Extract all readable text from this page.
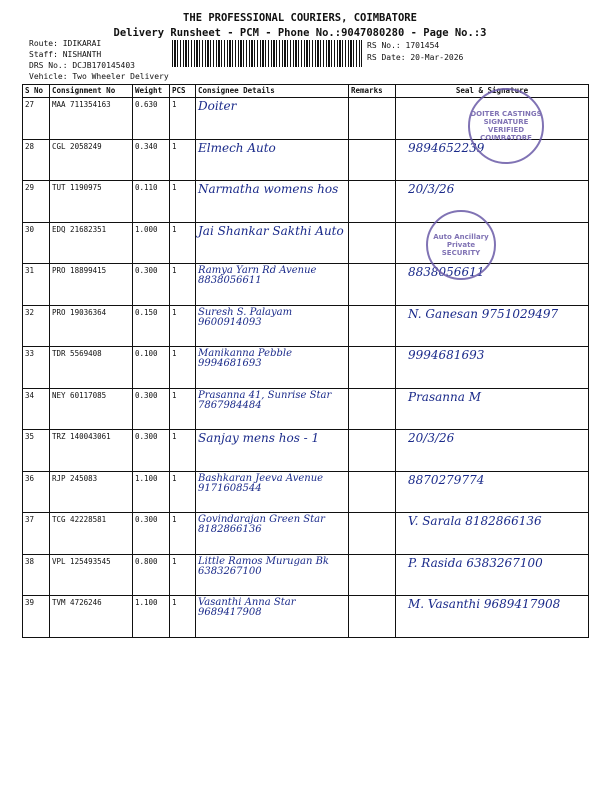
THE PROFESSIONAL COURIERS, COIMBATORE
Delivery Runsheet - PCM - Phone No.:9047080280 - Page No.:3
Route: IDIKARAI
Staff: NISHANTH
DRS No.: DCJB170145403
Vehicle: Two Wheeler Delivery
RS No.: 1701454
RS Date: 20-Mar-2026
S No	Consignment No	Weight	PCS	Consignee Details	Remarks	Seal & Signature
27	MAA 711354163	0.630	1	Doiter		

28	CGL 2058249	0.340	1	Elmech Auto		9894652239

29	TUT 1190975	0.110	1	Narmatha womens hos		20/3/26

30	EDQ 21682351	1.000	1	Jai Shankar Sakthi Auto		

31	PRO 18899415	0.300	1	Ramya Yarn Rd Avenue 8838056611		8838056611

32	PRO 19036364	0.150	1	Suresh S. Palayam 9600914093		N. Ganesan 9751029497

33	TDR 5569408	0.100	1	Manikanna Pebble 9994681693		9994681693

34	NEY 60117085	0.300	1	Prasanna 41, Sunrise Star 7867984484		Prasanna M

35	TRZ 140043061	0.300	1	Sanjay mens hos - 1		20/3/26

36	RJP 245083	1.100	1	Bashkaran Jeeva Avenue 9171608544		8870279774

37	TCG 42228581	0.300	1	Govindarajan Green Star 8182866136		V. Sarala 8182866136

38	VPL 125493545	0.800	1	Little Ramos Murugan Bk 6383267100		P. Rasida 6383267100

39	TVM 4726246	1.100	1	Vasanthi Anna Star 9689417908		M. Vasanthi 9689417908
DOITER CASTINGS SIGNATURE VERIFIED COIMBATORE
Auto Ancillary Private SECURITY
